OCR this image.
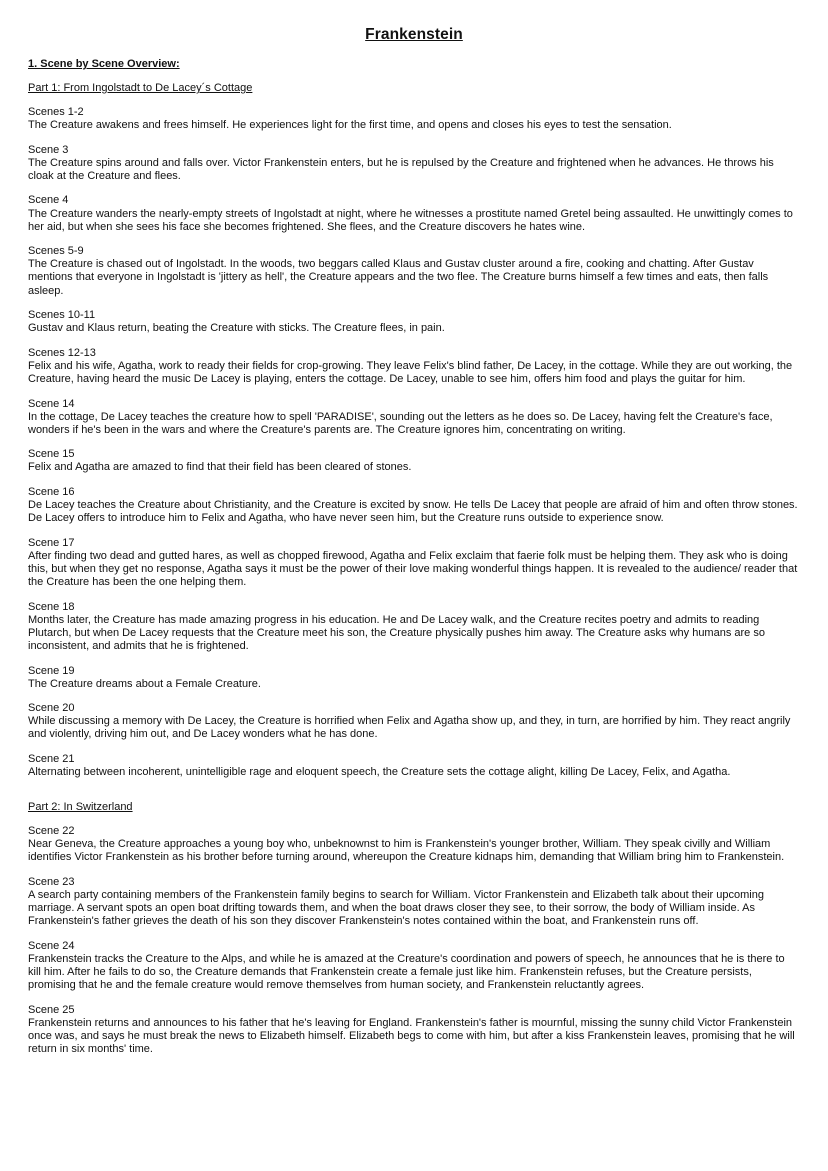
Frankenstein
1. Scene by Scene Overview:
Part 1: From Ingolstadt to De Lacey´s Cottage
Scenes 1-2
The Creature awakens and frees himself. He experiences light for the first time, and opens and closes his eyes to test the sensation.
Scene 3
The Creature spins around and falls over. Victor Frankenstein enters, but he is repulsed by the Creature and frightened when he advances. He throws his cloak at the Creature and flees.
Scene 4
The Creature wanders the nearly-empty streets of Ingolstadt at night, where he witnesses a prostitute named Gretel being assaulted. He unwittingly comes to her aid, but when she sees his face she becomes frightened. She flees, and the Creature discovers he hates wine.
Scenes 5-9
The Creature is chased out of Ingolstadt. In the woods, two beggars called Klaus and Gustav cluster around a fire, cooking and chatting. After Gustav mentions that everyone in Ingolstadt is 'jittery as hell', the Creature appears and the two flee. The Creature burns himself a few times and eats, then falls asleep.
Scenes 10-11
Gustav and Klaus return, beating the Creature with sticks. The Creature flees, in pain.
Scenes 12-13
Felix and his wife, Agatha, work to ready their fields for crop-growing. They leave Felix's blind father, De Lacey, in the cottage. While they are out working, the Creature, having heard the music De Lacey is playing, enters the cottage. De Lacey, unable to see him, offers him food and plays the guitar for him.
Scene 14
In the cottage, De Lacey teaches the creature how to spell 'PARADISE', sounding out the letters as he does so. De Lacey, having felt the Creature's face, wonders if he's been in the wars and where the Creature's parents are. The Creature ignores him, concentrating on writing.
Scene 15
Felix and Agatha are amazed to find that their field has been cleared of stones.
Scene 16
De Lacey teaches the Creature about Christianity, and the Creature is excited by snow. He tells De Lacey that people are afraid of him and often throw stones. De Lacey offers to introduce him to Felix and Agatha, who have never seen him, but the Creature runs outside to experience snow.
Scene 17
After finding two dead and gutted hares, as well as chopped firewood, Agatha and Felix exclaim that faerie folk must be helping them. They ask who is doing this, but when they get no response, Agatha says it must be the power of their love making wonderful things happen. It is revealed to the audience/ reader that the Creature has been the one helping them.
Scene 18
Months later, the Creature has made amazing progress in his education. He and De Lacey walk, and the Creature recites poetry and admits to reading Plutarch, but when De Lacey requests that the Creature meet his son, the Creature physically pushes him away. The Creature asks why humans are so inconsistent, and admits that he is frightened.
Scene 19
The Creature dreams about a Female Creature.
Scene 20
While discussing a memory with De Lacey, the Creature is horrified when Felix and Agatha show up, and they, in turn, are horrified by him. They react angrily and violently, driving him out, and De Lacey wonders what he has done.
Scene 21
Alternating between incoherent, unintelligible rage and eloquent speech, the Creature sets the cottage alight, killing De Lacey, Felix, and Agatha.
Part 2: In Switzerland
Scene 22
Near Geneva, the Creature approaches a young boy who, unbeknownst to him is Frankenstein's younger brother, William. They speak civilly and William identifies Victor Frankenstein as his brother before turning around, whereupon the Creature kidnaps him, demanding that William bring him to Frankenstein.
Scene 23
A search party containing members of the Frankenstein family begins to search for William. Victor Frankenstein and Elizabeth talk about their upcoming marriage. A servant spots an open boat drifting towards them, and when the boat draws closer they see, to their sorrow, the body of William inside. As Frankenstein's father grieves the death of his son they discover Frankenstein's notes contained within the boat, and Frankenstein runs off.
Scene 24
Frankenstein tracks the Creature to the Alps, and while he is amazed at the Creature's coordination and powers of speech, he announces that he is there to kill him. After he fails to do so, the Creature demands that Frankenstein create a female just like him. Frankenstein refuses, but the Creature persists, promising that he and the female creature would remove themselves from human society, and Frankenstein reluctantly agrees.
Scene 25
Frankenstein returns and announces to his father that he's leaving for England. Frankenstein's father is mournful, missing the sunny child Victor Frankenstein once was, and says he must break the news to Elizabeth himself. Elizabeth begs to come with him, but after a kiss Frankenstein leaves, promising that he will return in six months' time.
